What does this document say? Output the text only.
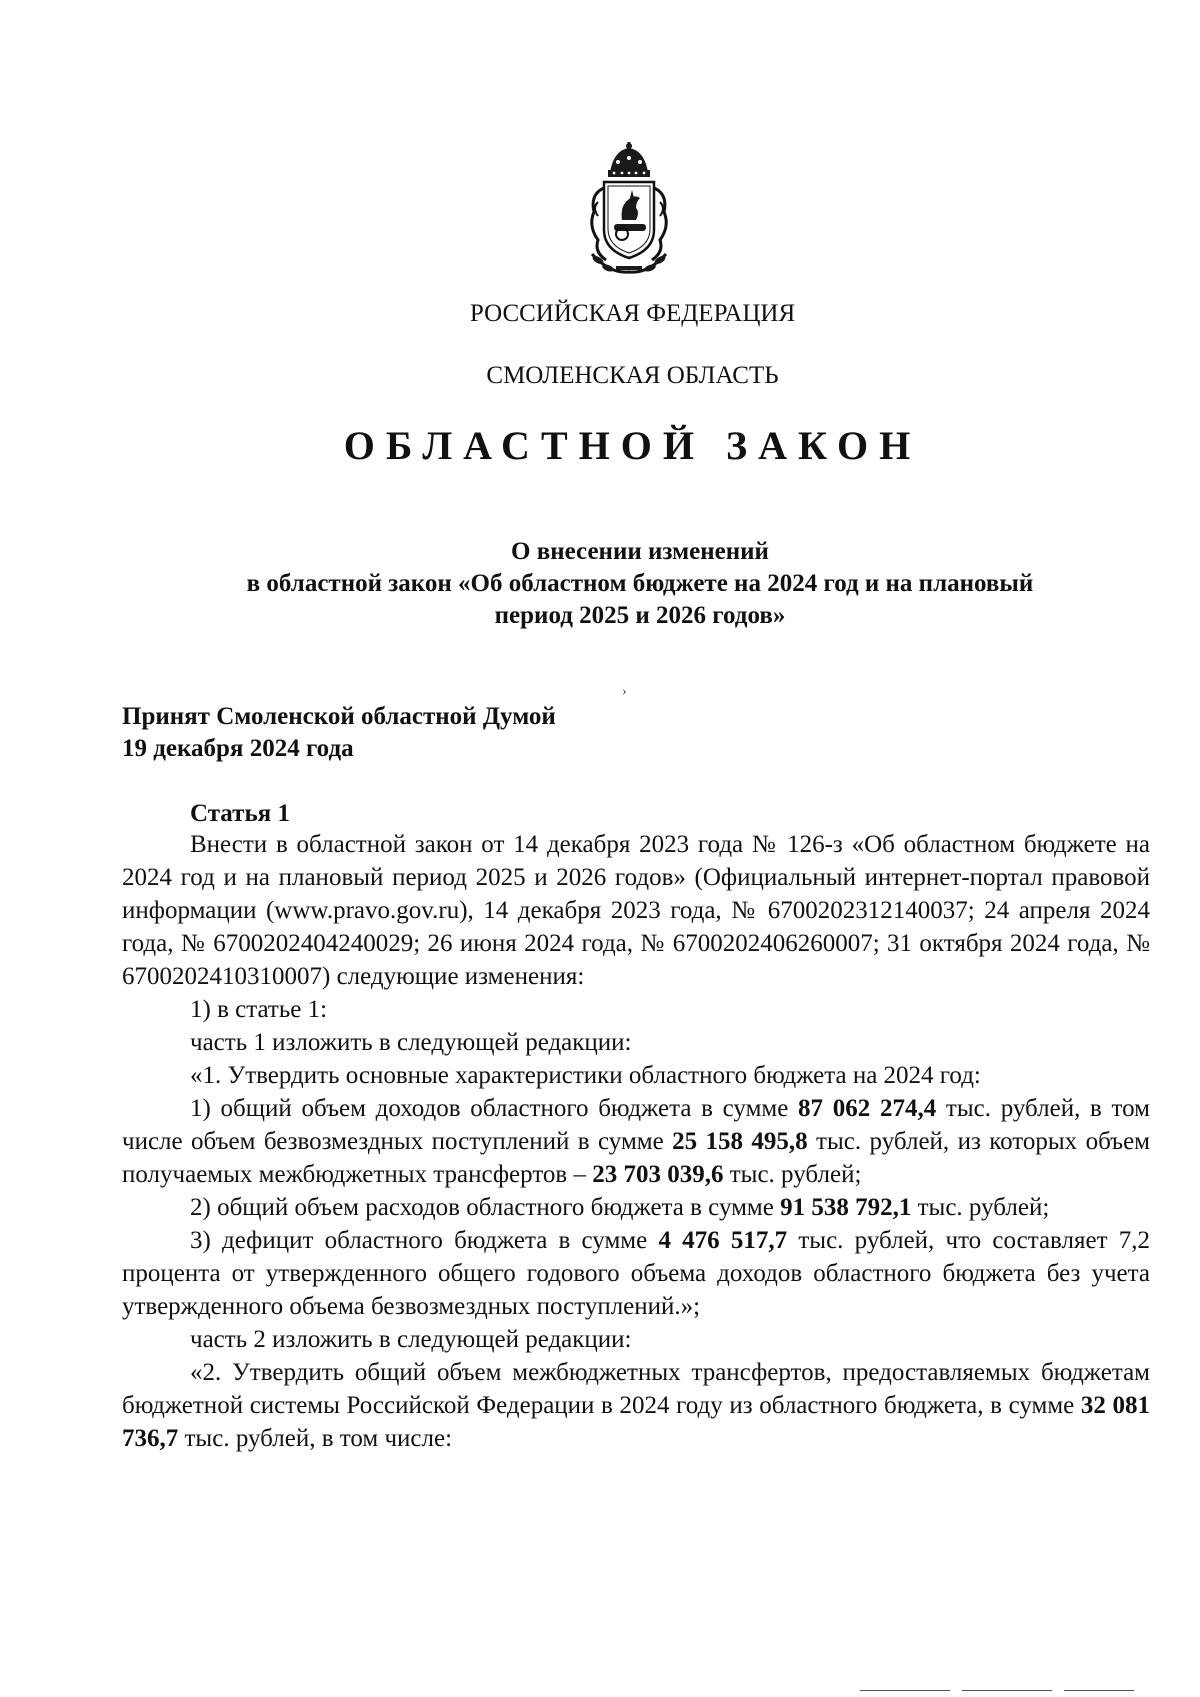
РОССИЙСКАЯ ФЕДЕРАЦИЯ
СМОЛЕНСКАЯ ОБЛАСТЬ
ОБЛАСТНОЙ ЗАКОН
О внесении изменений
в областной закон «Об областном бюджете на 2024 год и на плановый
период 2025 и 2026 годов»
Принят Смоленской областной Думой
19 декабря 2024 года
›
Статья 1

Внести в областной закон от 14 декабря 2023 года № 126-з «Об областном бюджете на 2024 год и на плановый период 2025 и 2026 годов» (Официальный интернет-портал правовой информации (www.pravo.gov.ru), 14 декабря 2023 года, № 6700202312140037; 24 апреля 2024 года, № 6700202404240029; 26 июня 2024 года, № 6700202406260007; 31 октября 2024 года, № 6700202410310007) следующие изменения:

1) в статье 1:

часть 1 изложить в следующей редакции:

«1. Утвердить основные характеристики областного бюджета на 2024 год:

1) общий объем доходов областного бюджета в сумме 87 062 274,4 тыс. рублей, в том числе объем безвозмездных поступлений в сумме 25 158 495,8 тыс. рублей, из которых объем получаемых межбюджетных трансфертов – 23 703 039,6 тыс. рублей;

2) общий объем расходов областного бюджета в сумме 91 538 792,1 тыс. рублей;

3) дефицит областного бюджета в сумме 4 476 517,7 тыс. рублей, что составляет 7,2 процента от утвержденного общего годового объема доходов областного бюджета без учета утвержденного объема безвозмездных поступлений.»;

часть 2 изложить в следующей редакции:

«2. Утвердить общий объем межбюджетных трансфертов, предоставляемых бюджетам бюджетной системы Российской Федерации в 2024 году из областного бюджета, в сумме 32 081 736,7 тыс. рублей, в том числе:
